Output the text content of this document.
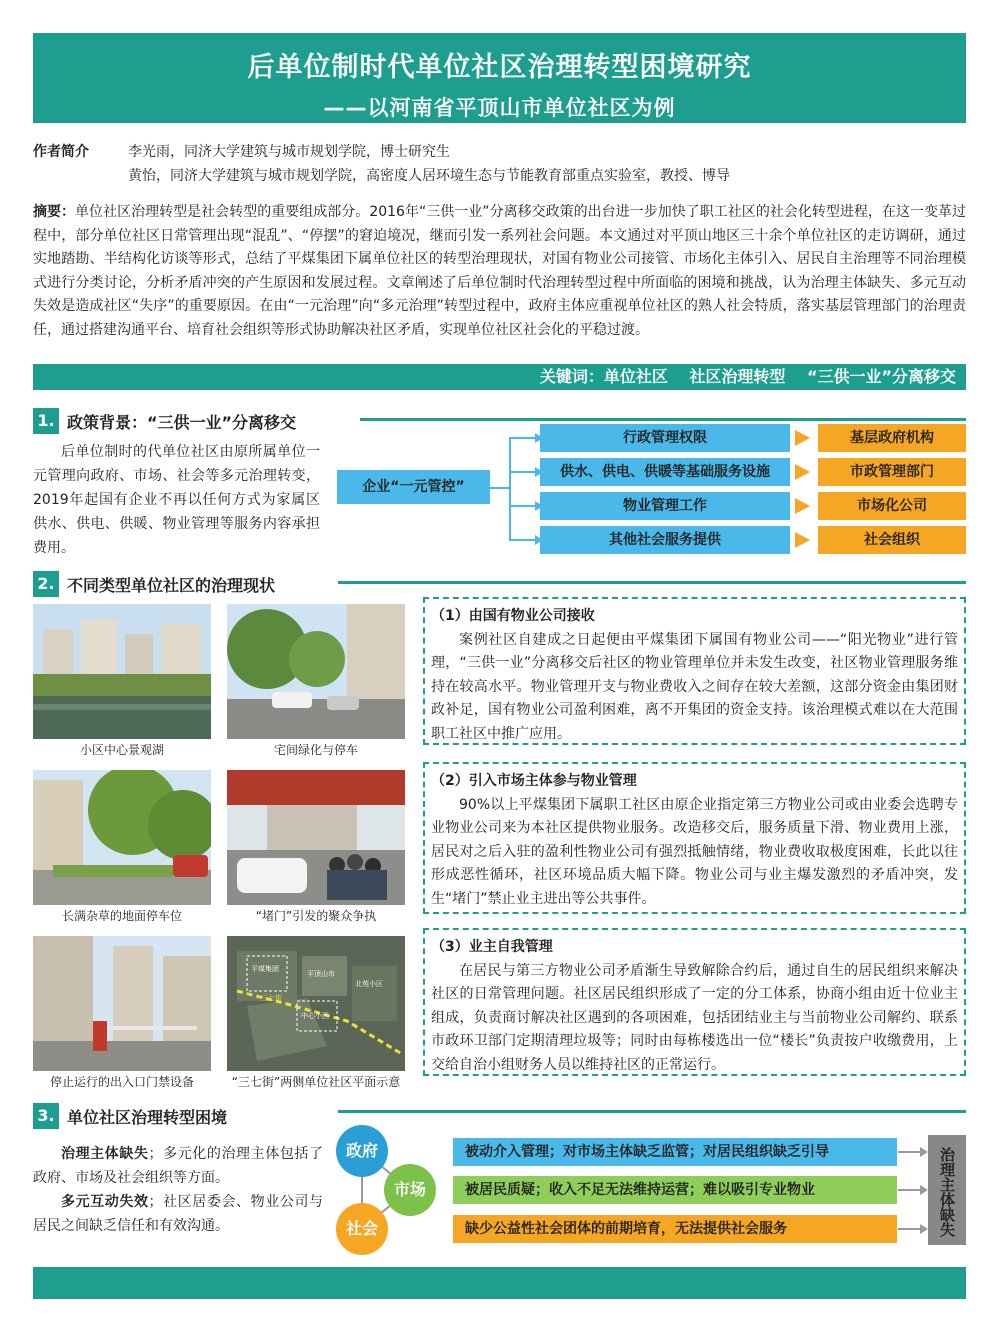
后单位制时代单位社区治理转型困境研究
——以河南省平顶山市单位社区为例
作者简介	李光雨，同济大学建筑与城市规划学院，博士研究生
黄怡，同济大学建筑与城市规划学院，高密度人居环境生态与节能教育部重点实验室，教授、博导
摘要：单位社区治理转型是社会转型的重要组成部分。2016年“三供一业”分离移交政策的出台进一步加快了职工社区的社会化转型进程，在这一变革过程中，部分单位社区日常管理出现“混乱”、“停摆”的窘迫境况，继而引发一系列社会问题。本文通过对平顶山地区三十余个单位社区的走访调研，通过实地踏勘、半结构化访谈等形式，总结了平煤集团下属单位社区的转型治理现状，对国有物业公司接管、市场化主体引入、居民自主治理等不同治理模式进行分类讨论，分析矛盾冲突的产生原因和发展过程。文章阐述了后单位制时代治理转型过程中所面临的困境和挑战，认为治理主体缺失、多元互动失效是造成社区“失序”的重要原因。在由“一元治理”向“多元治理”转型过程中，政府主体应重视单位社区的熟人社会特质，落实基层管理部门的治理责任，通过搭建沟通平台、培育社会组织等形式协助解决社区矛盾，实现单位社区社会化的平稳过渡。
关键词：单位社区　 社区治理转型　 “三供一业”分离移交
1. 政策背景：“三供一业”分离移交
后单位制时的代单位社区由原所属单位一元管理向政府、市场、社会等多元治理转变，2019年起国有企业不再以任何方式为家属区供水、供电、供暖、物业管理等服务内容承担费用。
企业“一元管控”
行政管理权限
供水、供电、供暖等基础服务设施
物业管理工作
其他社会服务提供
基层政府机构
市政管理部门
市场化公司
社会组织
2. 不同类型单位社区的治理现状
小区中心景观湖	宅间绿化与停车
长满杂草的地面停车位	“堵门”引发的聚众争执
停止运行的出入口门禁设备
平煤集团
三七街
平顶山市
中心小区
北苑小区
“三七街”两侧单位社区平面示意
（1）由国有物业公司接收

案例社区自建成之日起便由平煤集团下属国有物业公司——“阳光物业”进行管理，“三供一业”分离移交后社区的物业管理单位并未发生改变，社区物业管理服务维持在较高水平。物业管理开支与物业费收入之间存在较大差额，这部分资金由集团财政补足，国有物业公司盈利困难，离不开集团的资金支持。该治理模式难以在大范围职工社区中推广应用。

（2）引入市场主体参与物业管理

90%以上平煤集团下属职工社区由原企业指定第三方物业公司或由业委会选聘专业物业公司来为本社区提供物业服务。改造移交后，服务质量下滑、物业费用上涨，居民对之后入驻的盈利性物业公司有强烈抵触情绪，物业费收取极度困难，长此以往形成恶性循环，社区环境品质大幅下降。物业公司与业主爆发激烈的矛盾冲突，发生“堵门”禁止业主进出等公共事件。

（3）业主自我管理

在居民与第三方物业公司矛盾渐生导致解除合约后，通过自生的居民组织来解决社区的日常管理问题。社区居民组织形成了一定的分工体系，协商小组由近十位业主组成，负责商讨解决社区遇到的各项困难，包括团结业主与当前物业公司解约、联系市政环卫部门定期清理垃圾等；同时由每栋楼选出一位“楼长”负责按户收缴费用，上交给自治小组财务人员以维持社区的正常运行。

3. 单位社区治理转型困境
治理主体缺失；多元化的治理主体包括了政府、市场及社会组织等方面。
多元互动失效；社区居委会、物业公司与居民之间缺乏信任和有效沟通。
政府
市场
社会
被动介入管理；对市场主体缺乏监管；对居民组织缺乏引导
被居民质疑；收入不足无法维持运营；难以吸引专业物业
缺少公益性社会团体的前期培育，无法提供社会服务	治理主体缺失
